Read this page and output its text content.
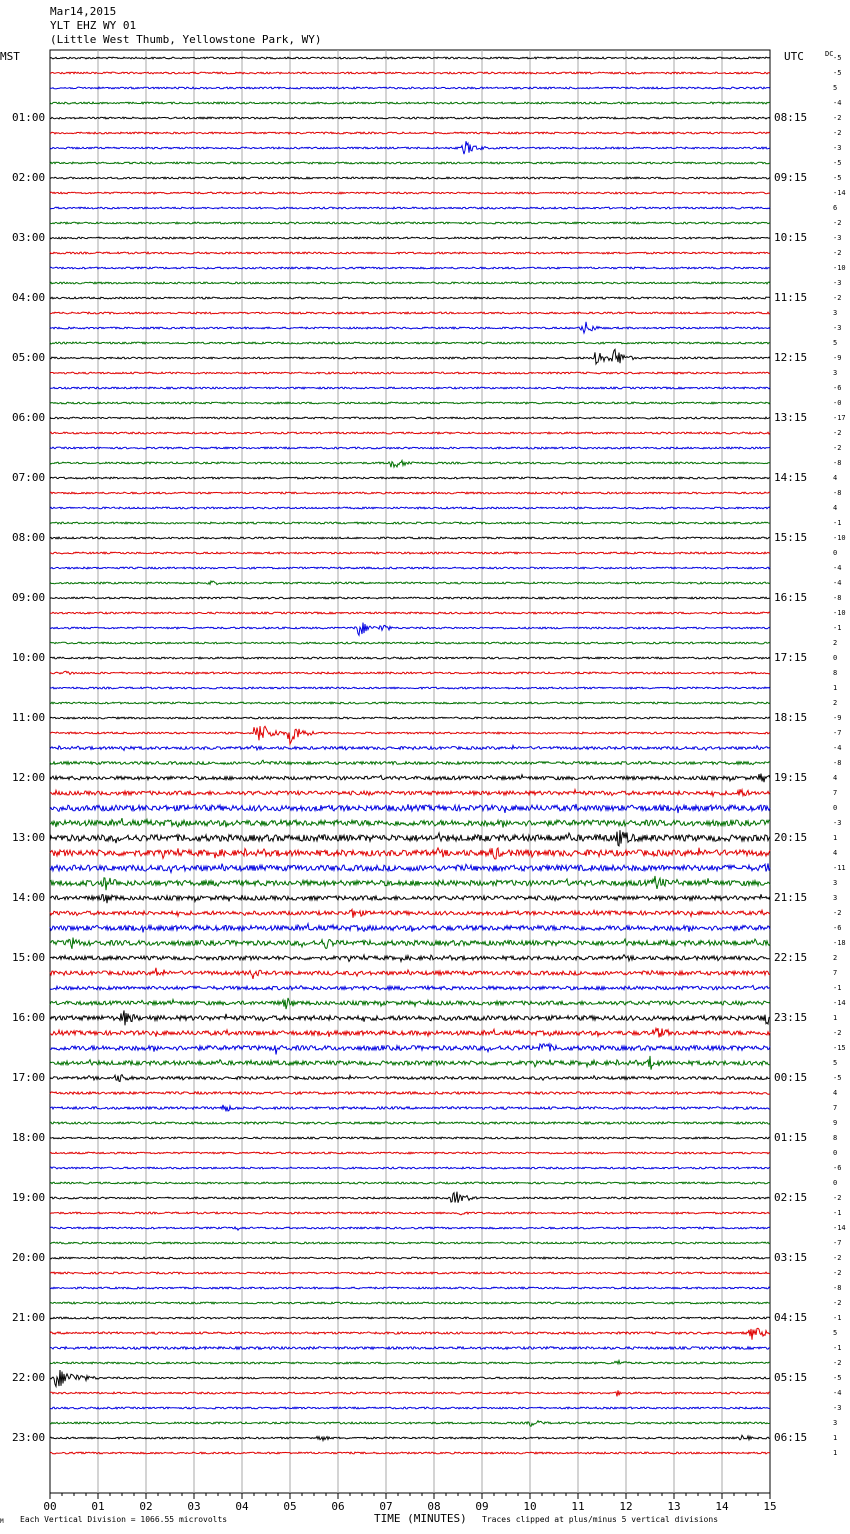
Mar14,2015
YLT EHZ WY 01
(Little West Thumb, Yellowstone Park, WY)
MST	UTC	DC
00	01	02	03	04	05	06	07	08	09	10	11	12	13	14	15
01:00
02:00
03:00
04:00
05:00
06:00
07:00
08:00
09:00
10:00
11:00
12:00
13:00
14:00
15:00
16:00
17:00
18:00
19:00
20:00
21:00
22:00
23:00
08:15
09:15
10:15
11:15
12:15
13:15
14:15
15:15
16:15
17:15
18:15
19:15
20:15
21:15
22:15
23:15
00:15
01:15
02:15
03:15
04:15
05:15
06:15
-5
-5
5
-4
-2
-2
-3
-5
-5
-14
6
-2
-3
-2
-10
-3
-2
3
-3
5
-9
3
-6
-0
-17
-2
-2
-8
4
-8
4
-1
-10
0
-4
-4
-8
-10
-1
2
0
8
1
2
-9
-7
-4
-8
4
7
0
-3
1
4
-11
3
3
-2
-6
-18
2
7
-1
-14
1
-2
-15
5
-5
4
7
9
8
0
-6
0
-2
-1
-14
-7
-2
-2
-8
-2
-1
5
-1
-2
-5
-4
-3
3
1
1
M Each Vertical Division = 1066.55 microvolts	TIME (MINUTES) Traces clipped at plus/minus 5 vertical divisions
